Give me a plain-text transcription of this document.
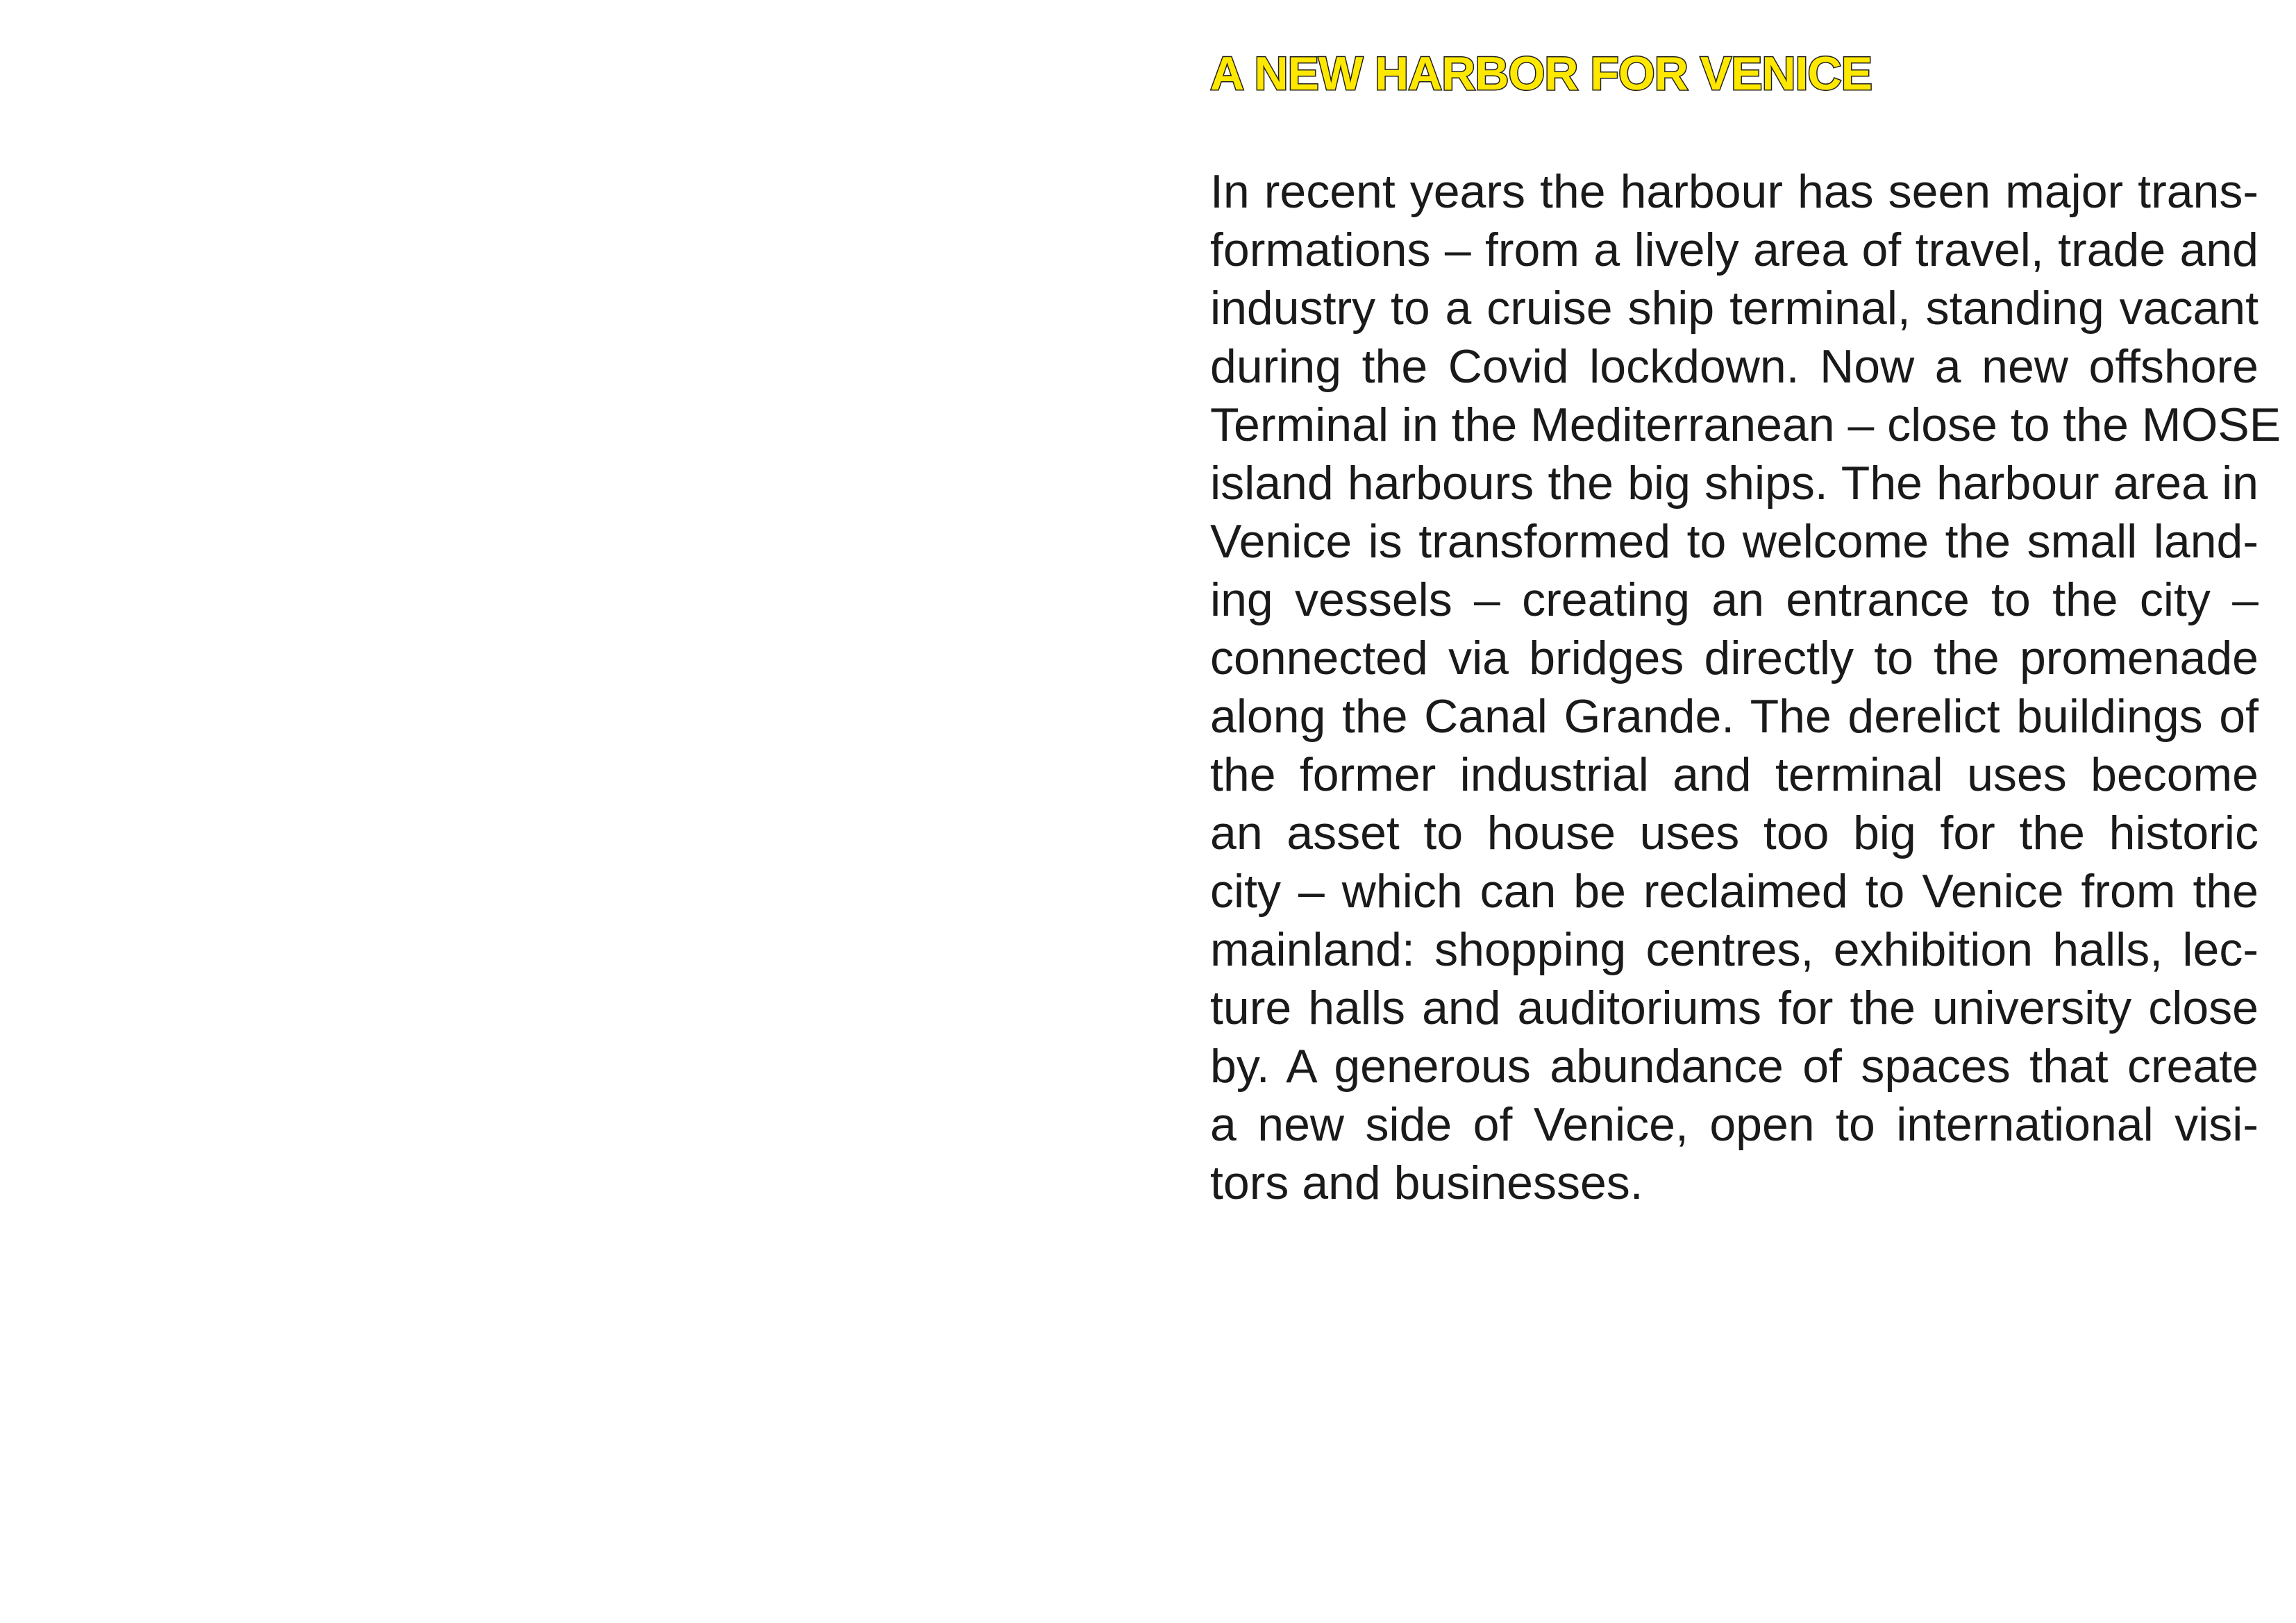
A NEW HARBOR FOR VENICE
In recent years the harbour has seen major trans-
formations – from a lively area of travel, trade and
industry to a cruise ship terminal, standing vacant
during the Covid lockdown. Now a new offshore
Terminal in the Mediterranean – close to the MOSE
island harbours the big ships. The harbour area in
Venice is transformed to welcome the small land-
ing vessels – creating an entrance to the city –
connected via bridges directly to the promenade
along the Canal Grande. The derelict buildings of
the former industrial and terminal uses become
an asset to house uses too big for the historic
city – which can be reclaimed to Venice from the
mainland: shopping centres, exhibition halls, lec-
ture halls and auditoriums for the university close
by. A generous abundance of spaces that create
a new side of Venice, open to international visi-
tors and businesses.
